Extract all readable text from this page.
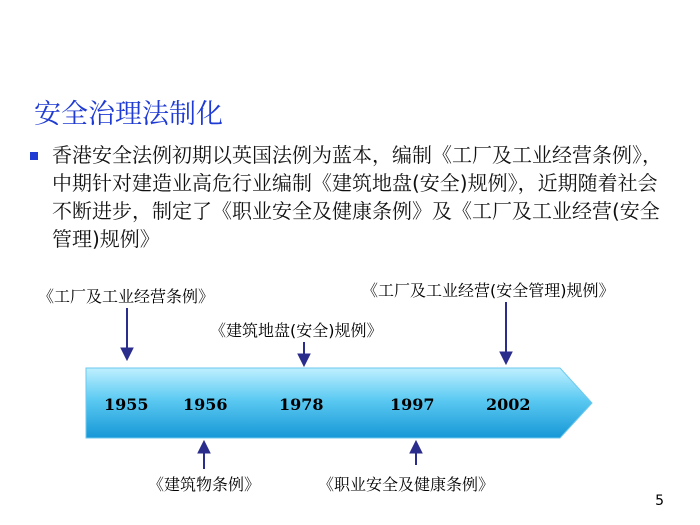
安全治理法制化
香港安全法例初期以英国法例为蓝本，编制《工厂及工业经营条例》，中期针对建造业高危行业编制《建筑地盘(安全)规例》，近期随着社会不断进步，制定了《职业安全及健康条例》及《工厂及工业经营(安全管理)规例》
1955 1956	1978	1997	2002
《工厂及工业经营条例》
《建筑地盘(安全)规例》
《工厂及工业经营(安全管理)规例》
《建筑物条例》	《职业安全及健康条例》
5
